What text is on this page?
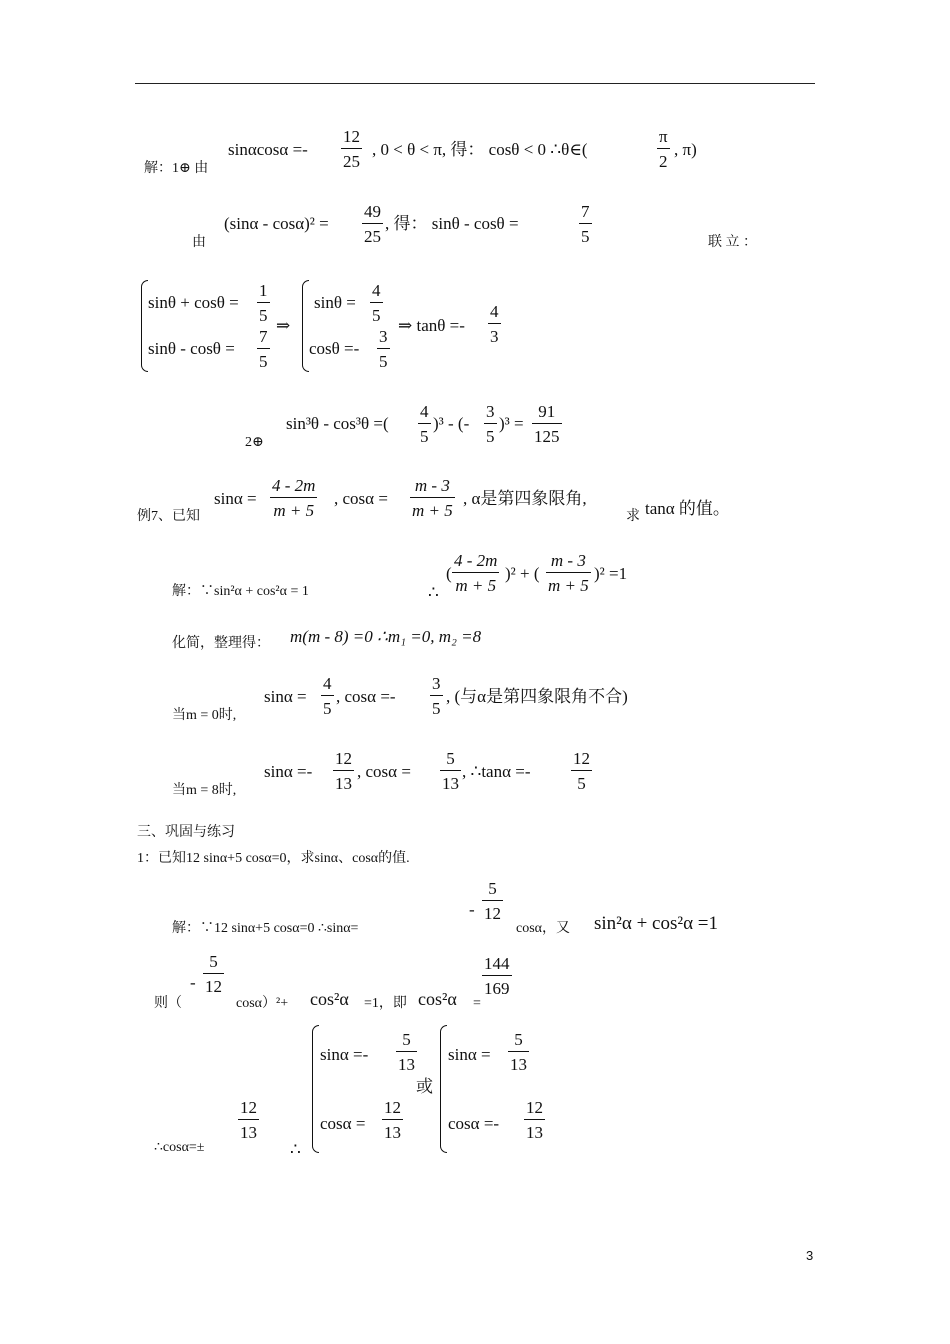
解：1⊕ 由
sinαcosα =-
12
25
, 0 < θ < π, 得： cosθ < 0 ∴θ∈(
π
2
, π)
由
(sinα - cosα)² =
49
25
, 得： sinθ - cosθ =
7
5	联 立 ：
sinθ + cosθ =
1
5
sinθ - cosθ =
7
5
⇒
sinθ =
4
5
cosθ =-
3
5
⇒ tanθ =-
4
3
2⊕
sin³θ - cos³θ =(
4
5
)³ - (-
3
5
)³ =
91
125
例7、已知
sinα =
4 - 2m
m + 5
, cosα =
m - 3
m + 5
, α是第四象限角,
求 tanα 的值。
解：∵sin²α + cos²α = 1	∴
(
4 - 2m
m + 5
)² + (
m - 3
m + 5
)² =1
化简，整理得： m(m - 8) =0 ∴m₁ =0, m₂ =8
当m = 0时,
sinα =
4
5
, cosα =-
3
5
, (与α是第四象限角不合)
当m = 8时,
sinα =-
12
13
, cosα =
5
13
, ∴tanα =-
12
5
三、巩固与练习
1：已知12 sinα+5 cosα=0，求sinα、cosα的值.
解：∵12 sinα+5 cosα=0 ∴sinα=
-
5
12
cosα，又 sin²α + cos²α =1
则（
-
5
12
cosα）²+ cos²α =1，即 cos²α =
144
169
∴cosα=±
12
13
∴
sinα =-
5
13
cosα =
12
13
或
sinα =
5
13
cosα =-
12
13
3
